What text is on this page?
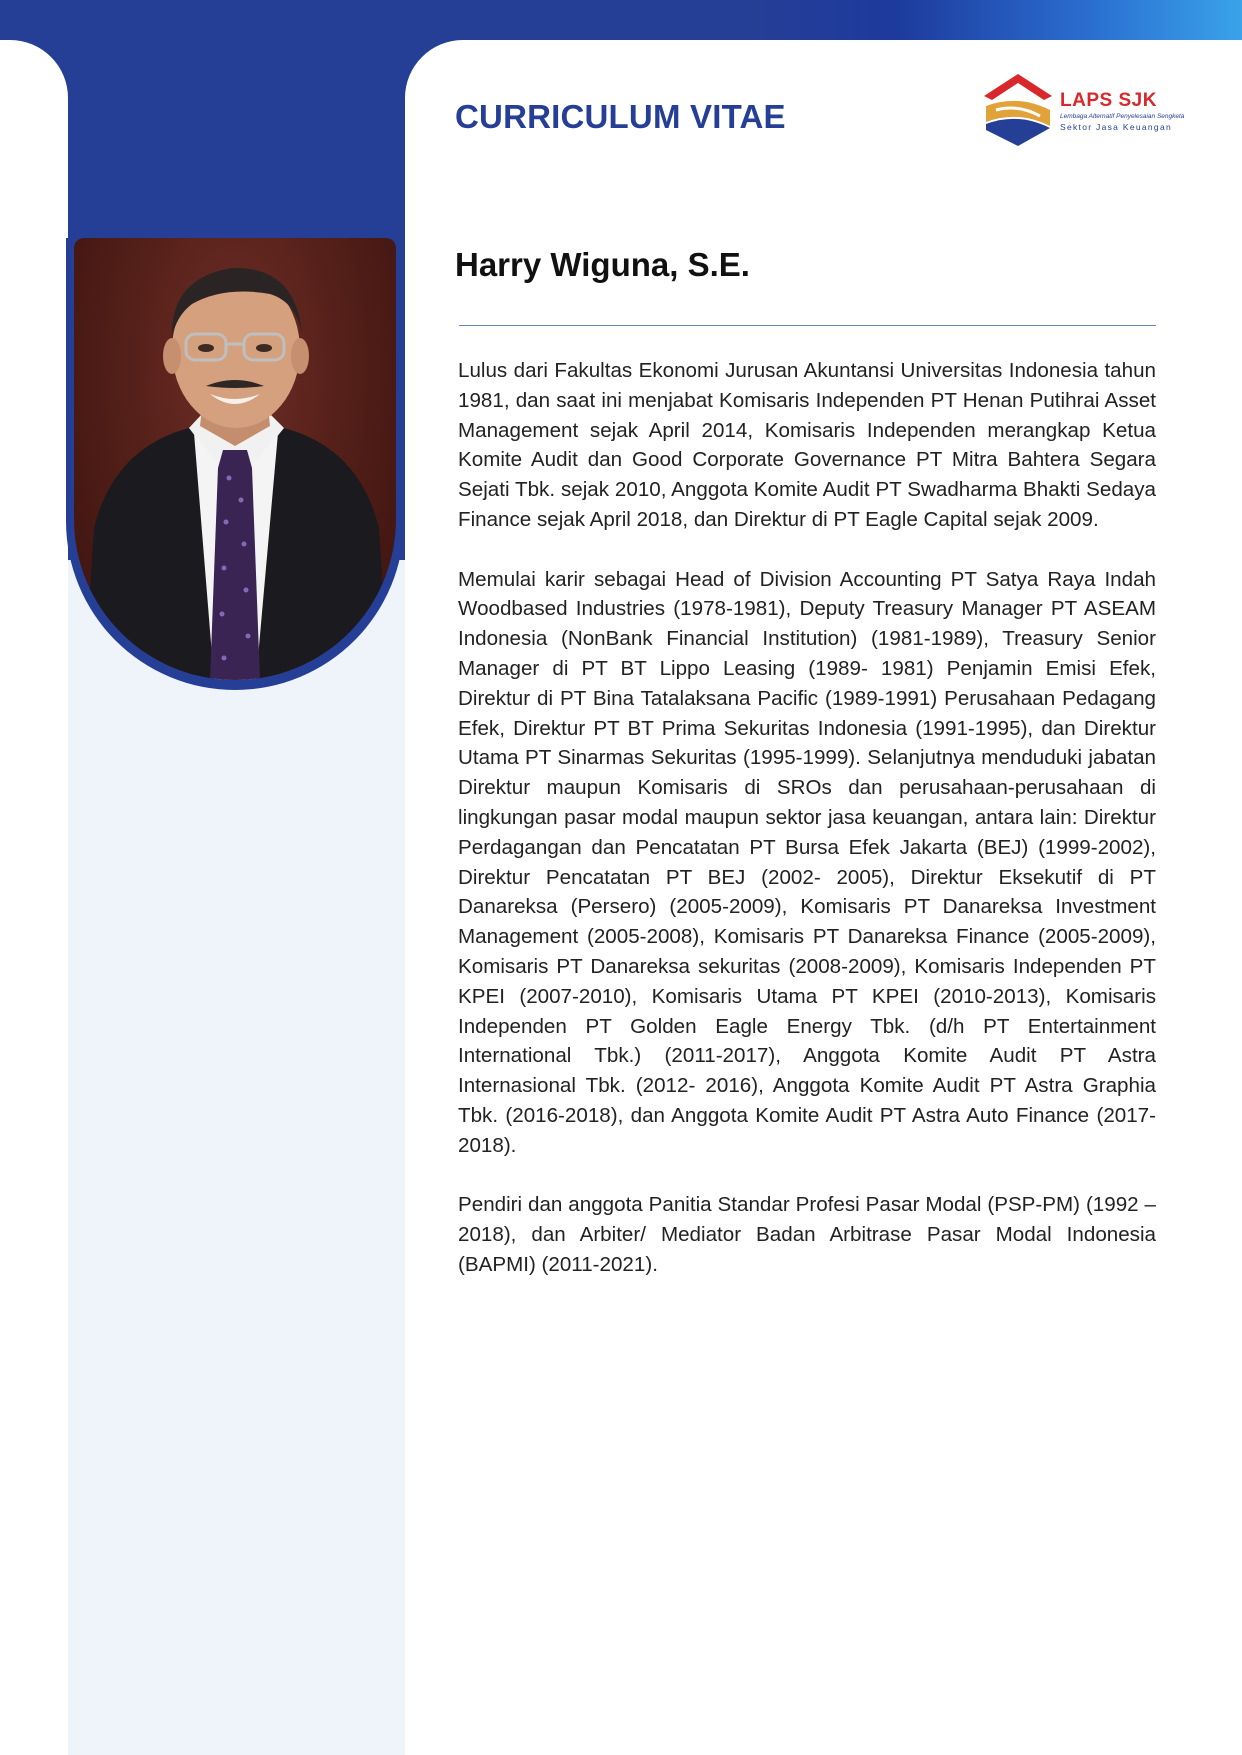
CURRICULUM VITAE	LAPS SJK
Lembaga Alternatif Penyelesaian Sengketa
Sektor Jasa Keuangan
Harry Wiguna, S.E.

Lulus dari Fakultas Ekonomi Jurusan Akuntansi Universitas Indonesia tahun 1981, dan saat ini menjabat Komisaris Independen PT Henan Putihrai Asset Management sejak April 2014, Komisaris Independen merangkap Ketua Komite Audit dan Good Corporate Governance PT Mitra Bahtera Segara Sejati Tbk. sejak 2010, Anggota Komite Audit PT Swadharma Bhakti Sedaya Finance sejak April 2018, dan Direktur di PT Eagle Capital sejak 2009.

Memulai karir sebagai Head of Division Accounting PT Satya Raya Indah Woodbased Industries (1978-1981), Deputy Treasury Manager PT ASEAM Indonesia (NonBank Financial Institution) (1981-1989), Treasury Senior Manager di PT BT Lippo Leasing (1989- 1981) Penjamin Emisi Efek, Direktur di PT Bina Tatalaksana Pacific (1989-1991) Perusahaan Pedagang Efek, Direktur PT BT Prima Sekuritas Indonesia (1991-1995), dan Direktur Utama PT Sinarmas Sekuritas (1995-1999). Selanjutnya menduduki jabatan Direktur maupun Komisaris di SROs dan perusahaan-perusahaan di lingkungan pasar modal maupun sektor jasa keuangan, antara lain: Direktur Perdagangan dan Pencatatan PT Bursa Efek Jakarta (BEJ) (1999-2002), Direktur Pencatatan PT BEJ (2002- 2005), Direktur Eksekutif di PT Danareksa (Persero) (2005-2009), Komisaris PT Danareksa Investment Management (2005-2008), Komisaris PT Danareksa Finance (2005-2009), Komisaris PT Danareksa sekuritas (2008-2009), Komisaris Independen PT KPEI (2007-2010), Komisaris Utama PT KPEI (2010-2013), Komisaris Independen PT Golden Eagle Energy Tbk. (d/h PT Entertainment International Tbk.) (2011-2017), Anggota Komite Audit PT Astra Internasional Tbk. (2012- 2016), Anggota Komite Audit PT Astra Graphia Tbk. (2016-2018), dan Anggota Komite Audit PT Astra Auto Finance (2017-2018).

Pendiri dan anggota Panitia Standar Profesi Pasar Modal (PSP-PM) (1992 – 2018), dan Arbiter/ Mediator Badan Arbitrase Pasar Modal Indonesia (BAPMI) (2011-2021).
